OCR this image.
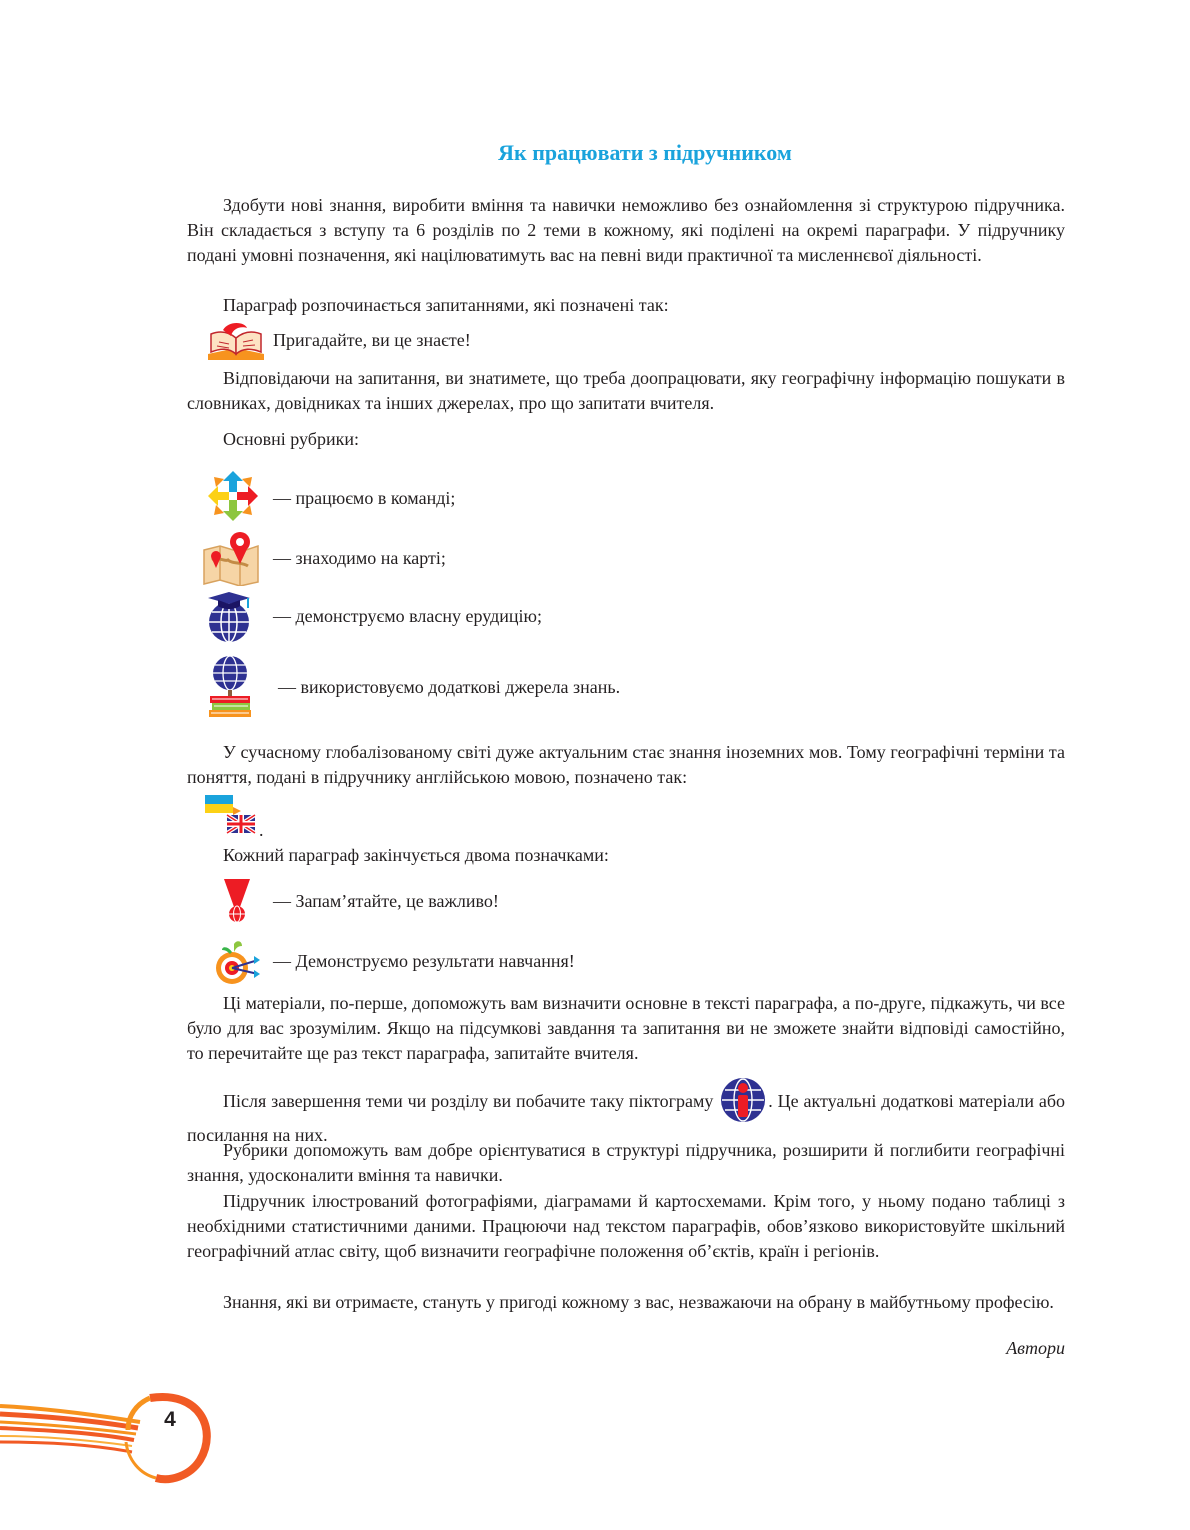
Як працювати з підручником
Здобути нові знання, виробити вміння та навички неможливо без ознайомлення зі структурою підручника. Він складається з вступу та 6 розділів по 2 теми в кожному, які поділені на окремі параграфи. У підручнику подані умовні позначення, які націлюватимуть вас на певні види практичної та мисленнєвої діяльності.
Параграф розпочинається запитаннями, які позначені так:
Пригадайте, ви це знаєте!
Відповідаючи на запитання, ви знатимете, що треба доопрацювати, яку географічну інформацію пошукати в словниках, довідниках та інших джерелах, про що запитати вчителя.
Основні рубрики:
— працюємо в команді;
— знаходимо на карті;
— демонструємо власну ерудицію;
— використовуємо додаткові джерела знань.
У сучасному глобалізованому світі дуже актуальним стає знання іноземних мов. Тому географічні терміни та поняття, подані в підручнику англійською мовою, позначено так:
.
Кожний параграф закінчується двома позначками:
— Запам’ятайте, це важливо!
— Демонструємо результати навчання!
Ці матеріали, по-перше, допоможуть вам визначити основне в тексті параграфа, а по-друге, підкажуть, чи все було для вас зрозумілим. Якщо на підсумкові завдання та запитання ви не зможете знайти відповіді самостійно, то перечитайте ще раз текст параграфа, запитайте вчителя.
Після завершення теми чи розділу ви побачите таку піктограму	. Це актуальні додаткові матеріали або посилання на них.
Рубрики допоможуть вам добре орієнтуватися в структурі підручника, розширити й поглибити географічні знання, удосконалити вміння та навички.
Підручник ілюстрований фотографіями, діаграмами й картосхемами. Крім того, у ньому подано таблиці з необхідними статистичними даними. Працюючи над текстом параграфів, обов’язково використовуйте шкільний географічний атлас світу, щоб визначити географічне положення об’єктів, країн і регіонів.
Знання, які ви отримаєте, стануть у пригоді кожному з вас, незважаючи на обрану в майбутньому професію.
Автори
4
